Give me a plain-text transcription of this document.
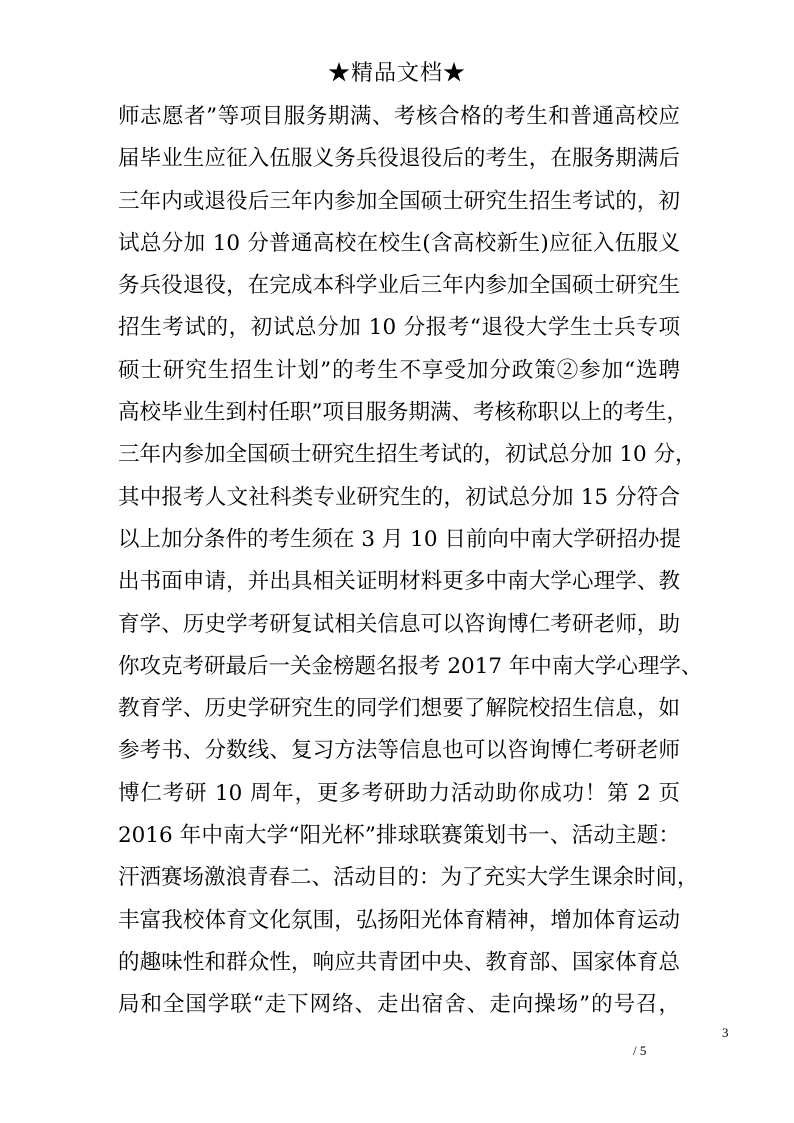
★精品文档★
师志愿者”等项目服务期满、考核合格的考生和普通高校应
届毕业生应征入伍服义务兵役退役后的考生，在服务期满后
三年内或退役后三年内参加全国硕士研究生招生考试的，初
试总分加 10 分普通高校在校生(含高校新生)应征入伍服义
务兵役退役，在完成本科学业后三年内参加全国硕士研究生
招生考试的，初试总分加 10 分报考“退役大学生士兵专项
硕士研究生招生计划”的考生不享受加分政策②参加“选聘
高校毕业生到村任职”项目服务期满、考核称职以上的考生，
三年内参加全国硕士研究生招生考试的，初试总分加 10 分，
其中报考人文社科类专业研究生的，初试总分加 15 分符合
以上加分条件的考生须在 3 月 10 日前向中南大学研招办提
出书面申请，并出具相关证明材料更多中南大学心理学、教
育学、历史学考研复试相关信息可以咨询博仁考研老师，助
你攻克考研最后一关金榜题名报考 2017 年中南大学心理学、
教育学、历史学研究生的同学们想要了解院校招生信息，如
参考书、分数线、复习方法等信息也可以咨询博仁考研老师
博仁考研 10 周年，更多考研助力活动助你成功！第 2 页
2016 年中南大学“阳光杯”排球联赛策划书一、活动主题：
汗洒赛场激浪青春二、活动目的：为了充实大学生课余时间，
丰富我校体育文化氛围，弘扬阳光体育精神，增加体育运动
的趣味性和群众性，响应共青团中央、教育部、国家体育总
局和全国学联“走下网络、走出宿舍、走向操场”的号召，
3
/ 5
